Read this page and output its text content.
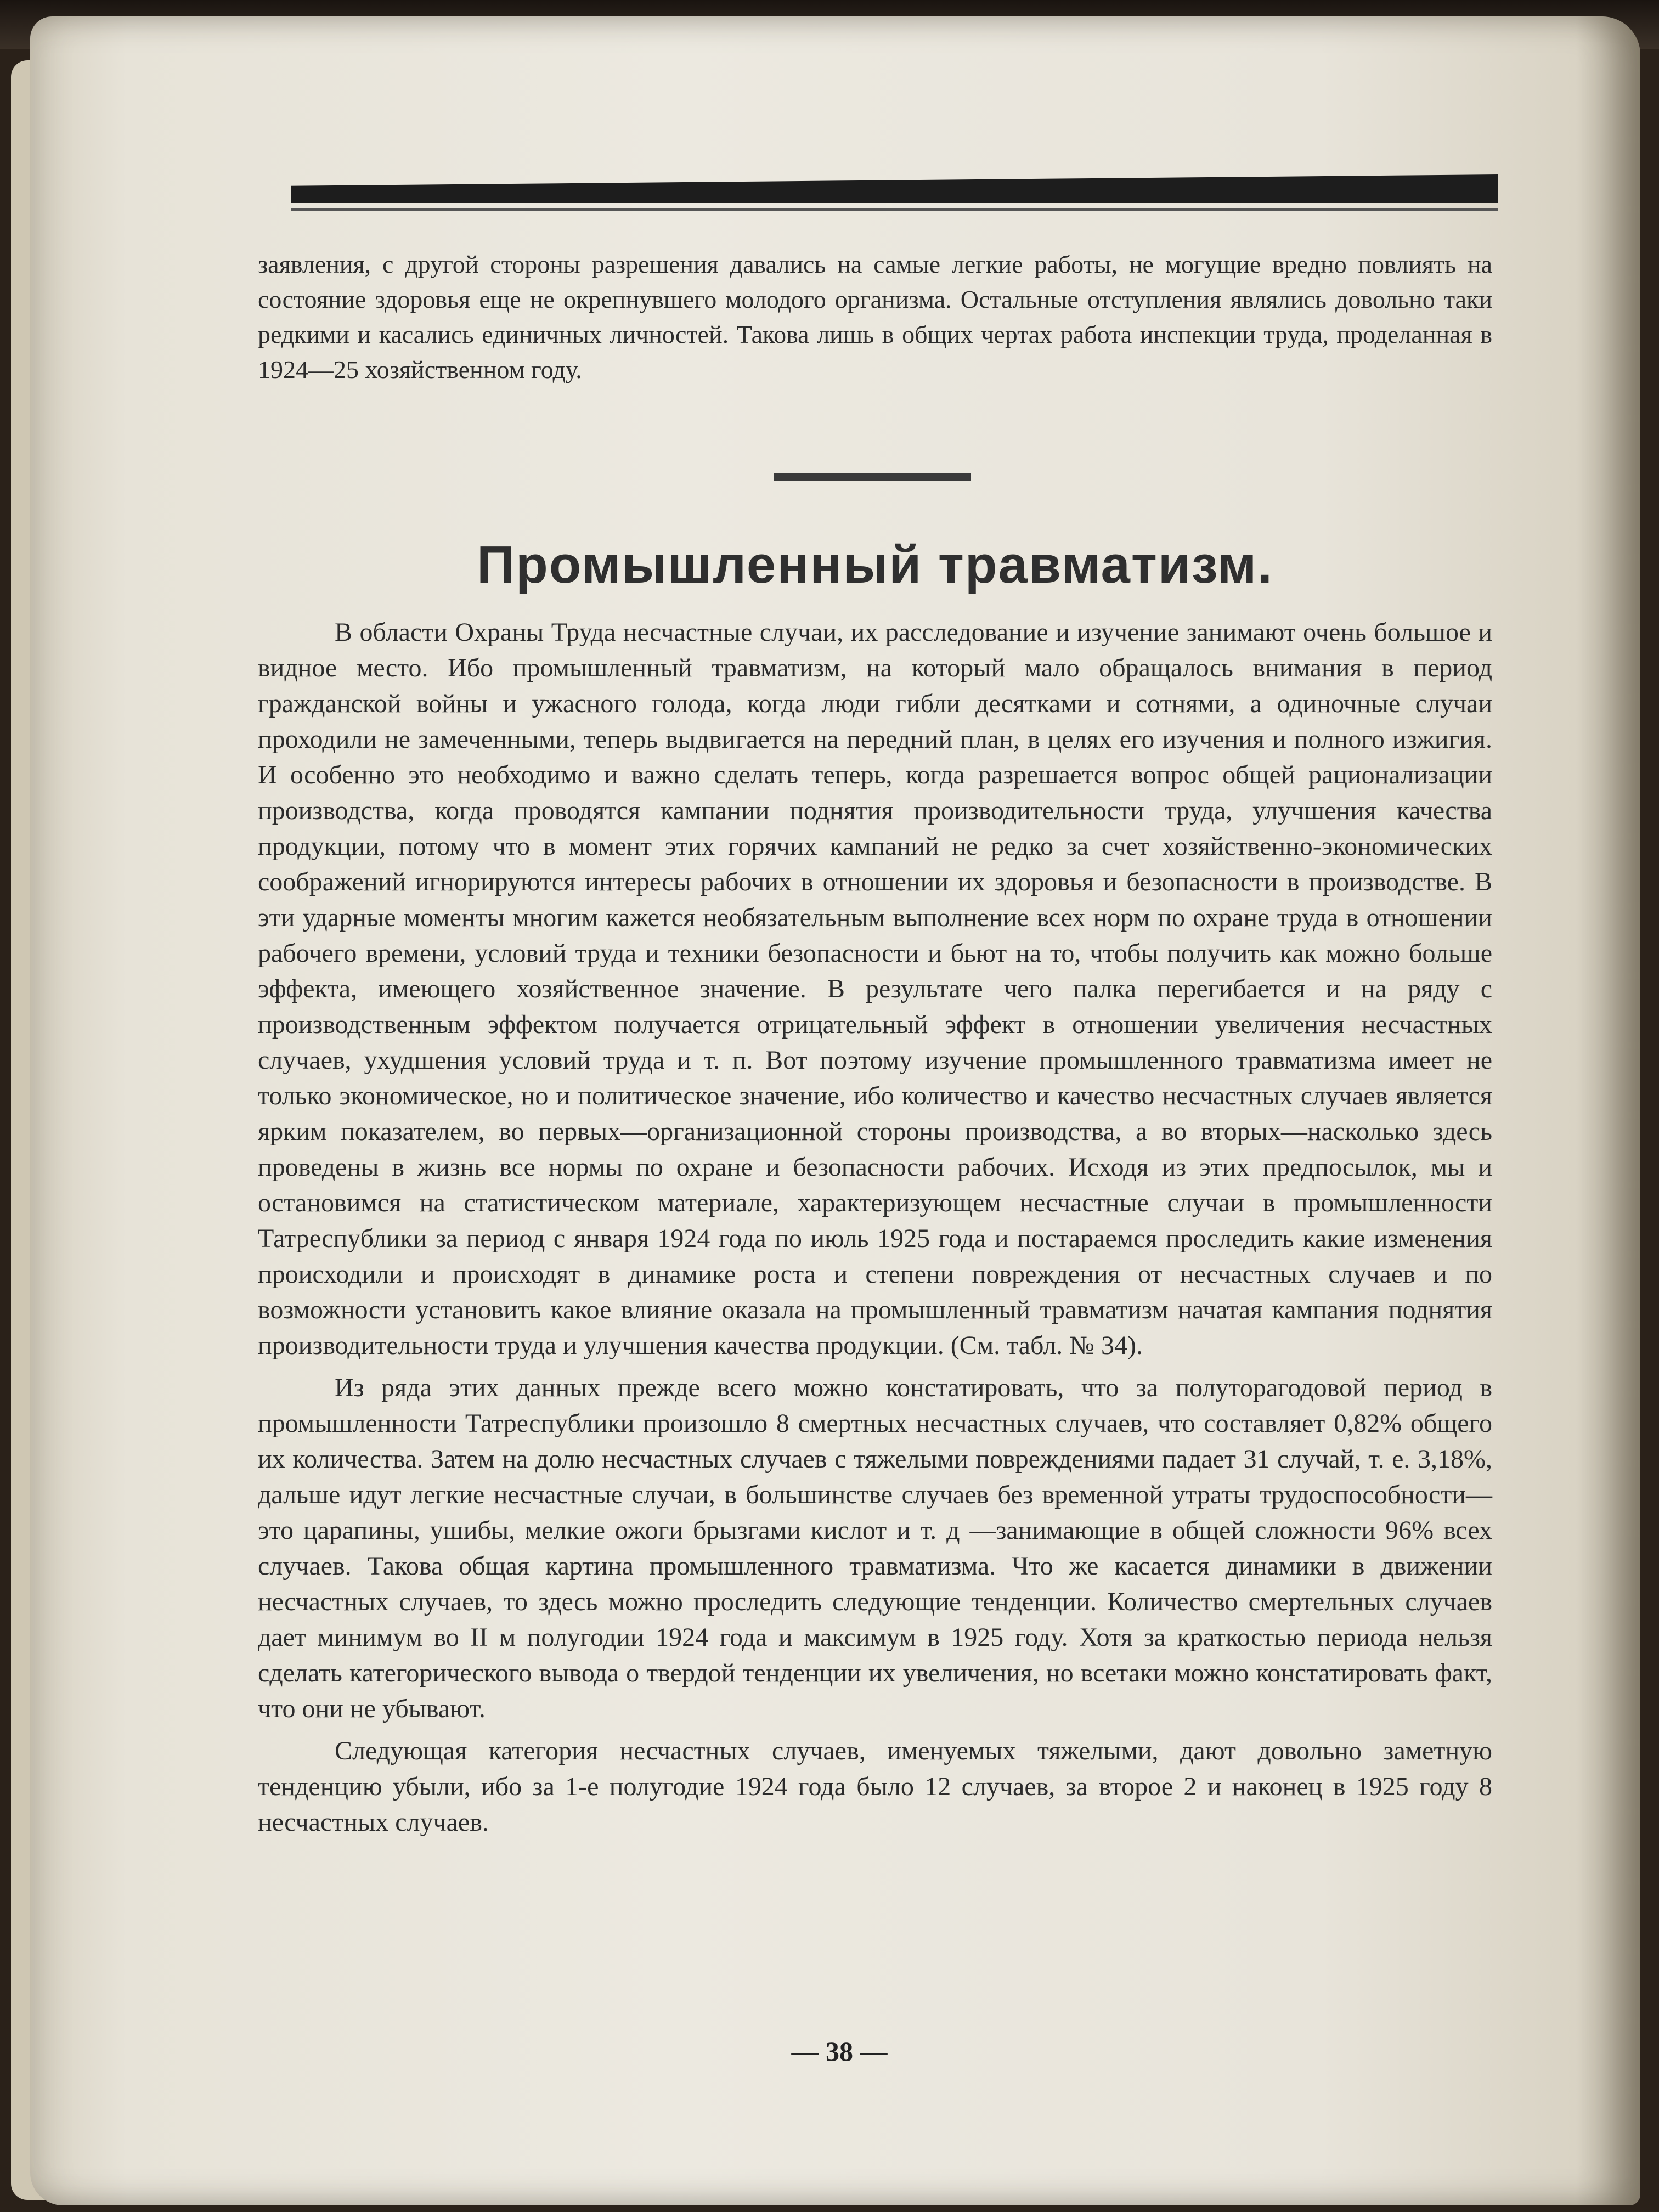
заявления, с другой стороны разрешения давались на самые легкие работы, не могущие вредно повлиять на состояние здоровья еще не окрепнувшего молодого организма. Остальные отступления являлись довольно таки редкими и касались единичных личностей. Такова лишь в общих чертах работа инспекции труда, проделанная в 1924—25 хозяйственном году.

Промышленный травматизм.

В области Охраны Труда несчастные случаи, их расследование и изучение занимают очень большое и видное место. Ибо промышленный травматизм, на который мало обращалось внимания в период гражданской войны и ужасного голода, когда люди гибли десятками и сотнями, а одиночные случаи проходили не замеченными, теперь выдвигается на передний план, в целях его изучения и полного изжигия. И особенно это необходимо и важно сделать теперь, когда разрешается вопрос общей рационализации производства, когда проводятся кампании поднятия производительности труда, улучшения качества продукции, потому что в момент этих горячих кампаний не редко за счет хозяйственно-экономических соображений игнорируются интересы рабочих в отношении их здоровья и безопасности в производстве. В эти ударные моменты многим кажется необязательным выполнение всех норм по охране труда в отношении рабочего времени, условий труда и техники безопасности и бьют на то, чтобы получить как можно больше эффекта, имеющего хозяйственное значение. В результате чего палка перегибается и на ряду с производственным эффектом получается отрицательный эффект в отношении увеличения несчастных случаев, ухудшения условий труда и т. п. Вот поэтому изучение промышленного травматизма имеет не только экономическое, но и политическое значение, ибо количество и качество несчастных случаев является ярким показателем, во первых—организационной стороны производства, а во вторых—насколько здесь проведены в жизнь все нормы по охране и безопасности рабочих. Исходя из этих предпосылок, мы и остановимся на статистическом материале, характеризующем несчастные случаи в промышленности Татреспублики за период с января 1924 года по июль 1925 года и постараемся проследить какие изменения происходили и происходят в динамике роста и степени повреждения от несчастных случаев и по возможности установить какое влияние оказала на промышленный травматизм начатая кампания поднятия производительности труда и улучшения качества продукции. (См. табл. № 34).

Из ряда этих данных прежде всего можно констатировать, что за полуторагодовой период в промышленности Татреспублики произошло 8 смертных несчастных случаев, что составляет 0,82% общего их количества. Затем на долю несчастных случаев с тяжелыми повреждениями падает 31 случай, т. е. 3,18%, дальше идут легкие несчастные случаи, в большинстве случаев без временной утраты трудоспособности—это царапины, ушибы, мелкие ожоги брызгами кислот и т. д —занимающие в общей сложности 96% всех случаев. Такова общая картина промышленного травматизма. Что же касается динамики в движении несчастных случаев, то здесь можно проследить следующие тенденции. Количество смертельных случаев дает минимум во II м полугодии 1924 года и максимум в 1925 году. Хотя за краткостью периода нельзя сделать категорического вывода о твердой тенденции их увеличения, но всетаки можно констатировать факт, что они не убывают.

Следующая категория несчастных случаев, именуемых тяжелыми, дают довольно заметную тенденцию убыли, ибо за 1-е полугодие 1924 года было 12 случаев, за второе 2 и наконец в 1925 году 8 несчастных случаев.

— 38 —
